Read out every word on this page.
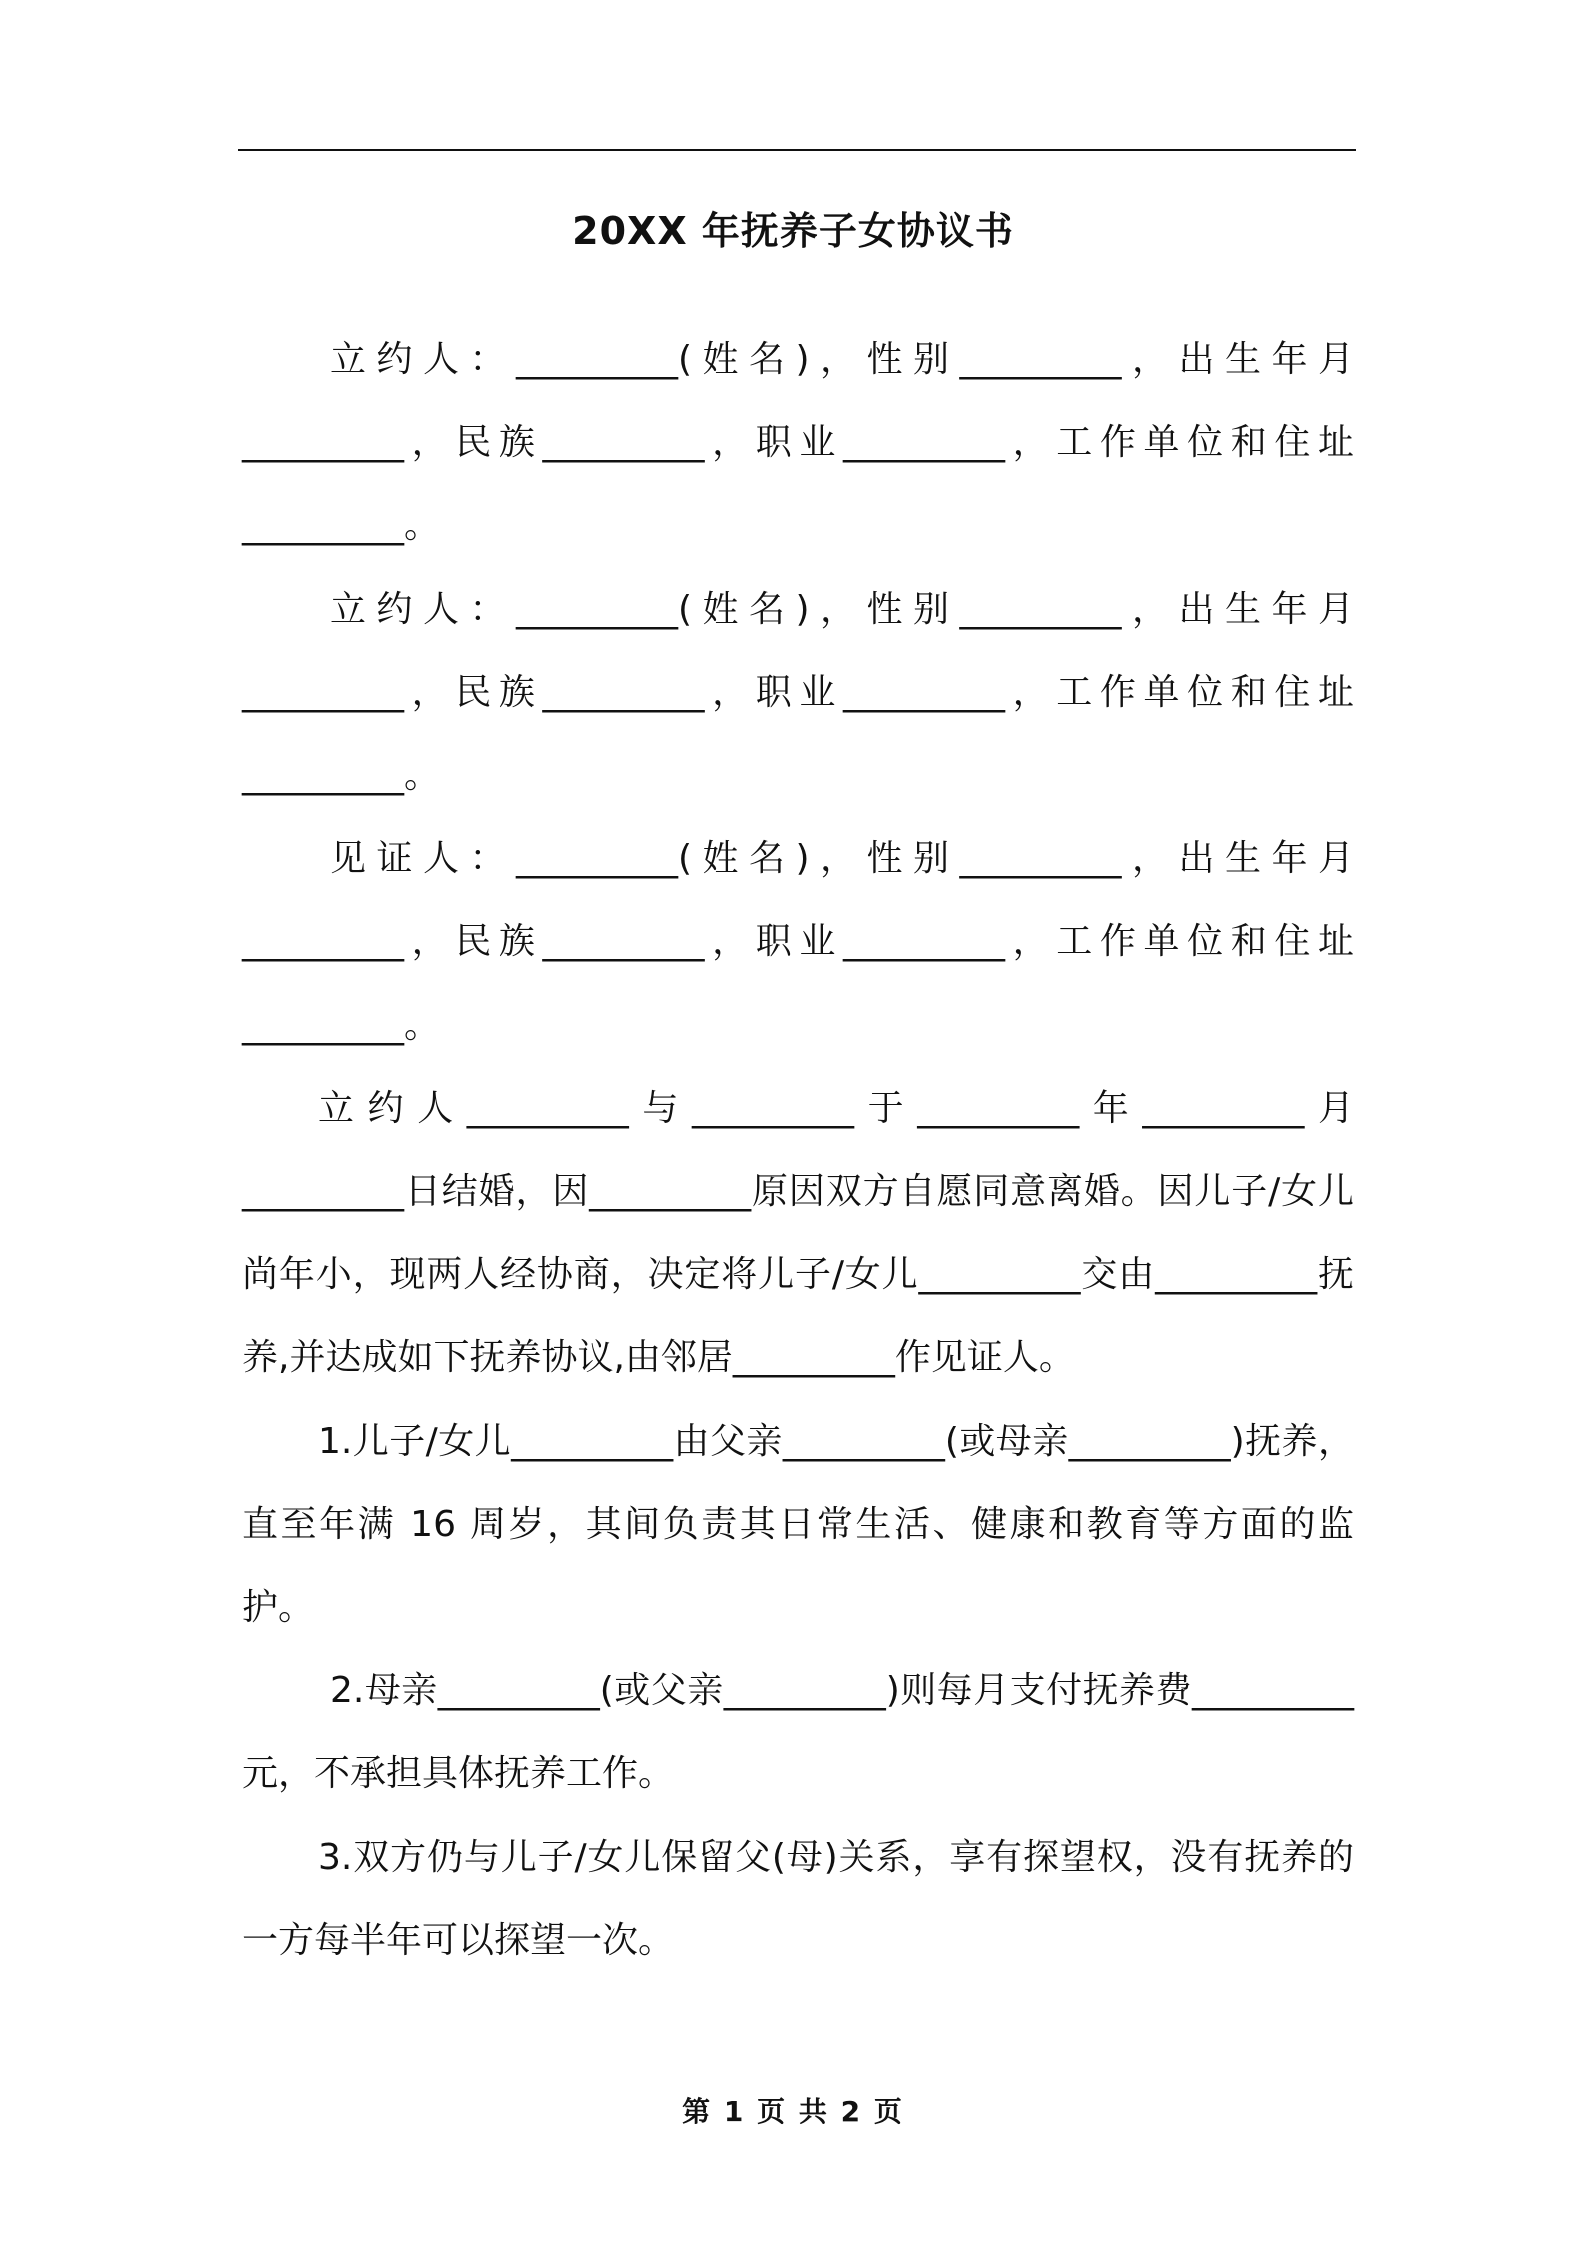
20XX 年抚养子女协议书

立约人：_________(姓名)，性别_________，出生年月_________，民族_________，职业_________，工作单位和住址_________。

立约人：_________(姓名)，性别_________，出生年月_________，民族_________，职业_________，工作单位和住址_________。

见证人：_________(姓名)，性别_________，出生年月_________，民族_________，职业_________，工作单位和住址_________。

立约人_________与_________于_________年_________月_________日结婚，因_________原因双方自愿同意离婚。因儿子/女儿尚年小，现两人经协商，决定将儿子/女儿_________交由_________抚养,并达成如下抚养协议,由邻居_________作见证人。

1.儿子/女儿_________由父亲_________(或母亲_________)抚养，直至年满 16 周岁，其间负责其日常生活、健康和教育等方面的监护。

2.母亲_________(或父亲_________)则每月支付抚养费_________元，不承担具体抚养工作。

3.双方仍与儿子/女儿保留父(母)关系，享有探望权，没有抚养的一方每半年可以探望一次。

第 1 页 共 2 页
